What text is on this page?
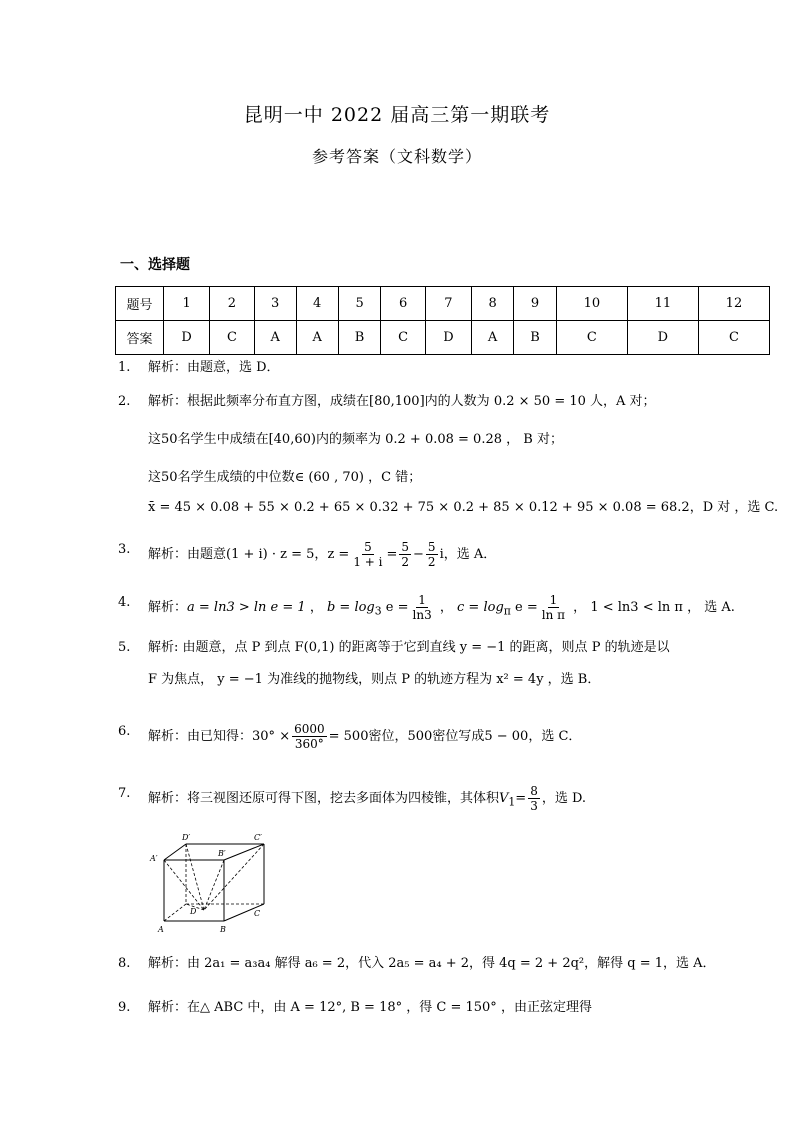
昆明一中 2022 届高三第一期联考
参考答案（文科数学）
一、选择题
题号	1	2	3	4	5	6	7	8	9	10	11	12
答案	D	C	A	A	B	C	D	A	B	C	D	C
1. 解析：由题意，选 D．
2. 解析：根据此频率分布直方图，成绩在[80,100]内的人数为 0.2 × 50 = 10 人，A 对；
这50名学生中成绩在[40,60)内的频率为 0.2 + 0.08 = 0.28 ， B 对；
这50名学生成绩的中位数∈ (60 , 70) ，C 错；
x̄ = 45 × 0.08 + 55 × 0.2 + 65 × 0.32 + 75 × 0.2 + 85 × 0.12 + 95 × 0.08 = 68.2，D 对 ，选 C.
3. 解析：由题意(1 + i) · z = 5，$z = \frac{5}{1 + i} = \frac{5}{2} - \frac{5}{2}$ i，选 A．
4. 解析：a = ln3 > ln e = 1 ， $b = \log_3 e = \frac{1}{\ln 3}$ ， $c = \log_\pi e = \frac{1}{\text{ln π}}$ ， 1 < ln3 < ln π ， 选 A.
5. 解析: 由题意，点 P 到点 F(0,1) 的距离等于它到直线 y = −1 的距离，则点 P 的轨迹是以
F 为焦点， y = −1 为准线的抛物线，则点 P 的轨迹方程为 x² = 4y ，选 B．
6. 解析：由已知得：$30^\circ \times \frac{6000}{360^\circ} = 500$密位，500密位写成5 − 00，选 C．
7. 解析：将三视图还原可得下图，挖去多面体为四棱锥，其体积$V_1= \frac{8}{3}$ ，选 D.
A′
B′
C′
D′
A	B
C
D
8. 解析：由 2a₁ = a₃a₄ 解得 a₆ = 2，代入 2a₅ = a₄ + 2，得 4q = 2 + 2q²，解得 q = 1，选 A．
9. 解析：在△ ABC 中，由 A = 12°, B = 18° ，得 C = 150° ，由正弦定理得
